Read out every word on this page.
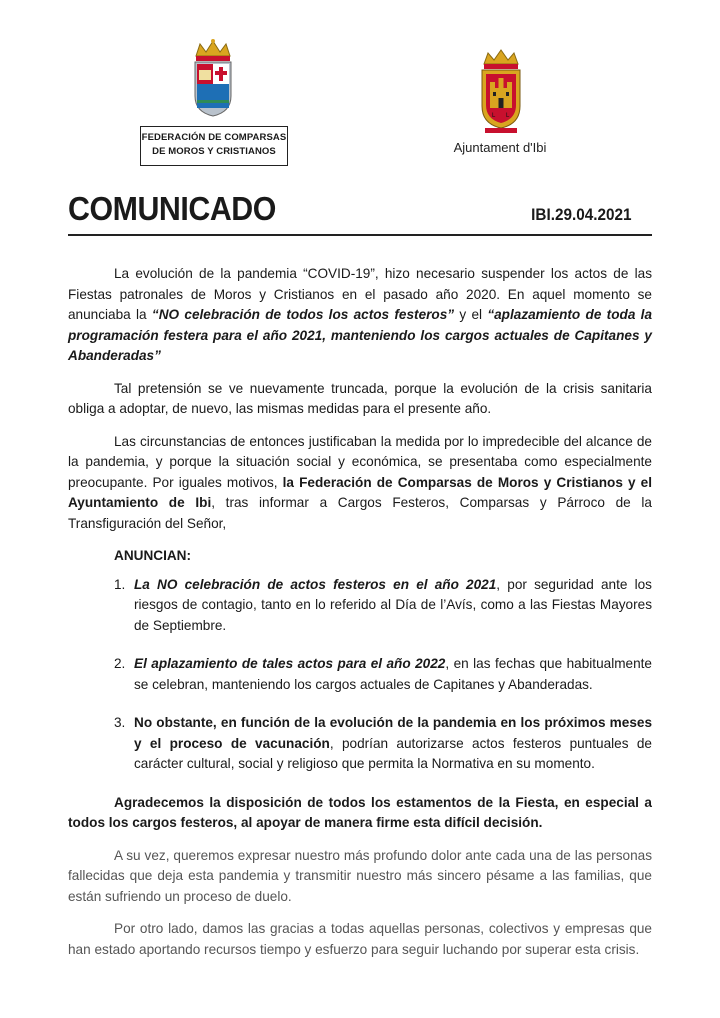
FEDERACIÓN DE COMPARSAS
DE MOROS Y CRISTIANOS
L L
Ajuntament d'Ibi
COMUNICADO	IBI.29.04.2021

La evolución de la pandemia “COVID-19”, hizo necesario suspender los actos de las Fiestas patronales de Moros y Cristianos en el pasado año 2020. En aquel momento se anunciaba la “NO celebración de todos los actos festeros” y el “aplazamiento de toda la programación festera para el año 2021, manteniendo los cargos actuales de Capitanes y Abanderadas”

Tal pretensión se ve nuevamente truncada, porque la evolución de la crisis sanitaria obliga a adoptar, de nuevo, las mismas medidas para el presente año.

Las circunstancias de entonces justificaban la medida por lo impredecible del alcance de la pandemia, y porque la situación social y económica, se presentaba como especialmente preocupante. Por iguales motivos, la Federación de Comparsas de Moros y Cristianos y el Ayuntamiento de Ibi, tras informar a Cargos Festeros, Comparsas y Párroco de la Transfiguración del Señor,

ANUNCIAN:
1. La NO celebración de actos festeros en el año 2021, por seguridad ante los riesgos de contagio, tanto en lo referido al Día de l’Avís, como a las Fiestas Mayores de Septiembre.
2. El aplazamiento de tales actos para el año 2022, en las fechas que habitualmente se celebran, manteniendo los cargos actuales de Capitanes y Abanderadas.
3. No obstante, en función de la evolución de la pandemia en los próximos meses y el proceso de vacunación, podrían autorizarse actos festeros puntuales de carácter cultural, social y religioso que permita la Normativa en su momento.

Agradecemos la disposición de todos los estamentos de la Fiesta, en especial a todos los cargos festeros, al apoyar de manera firme esta difícil decisión.

A su vez, queremos expresar nuestro más profundo dolor ante cada una de las personas fallecidas que deja esta pandemia y transmitir nuestro más sincero pésame a las familias, que están sufriendo un proceso de duelo.

Por otro lado, damos las gracias a todas aquellas personas, colectivos y empresas que han estado aportando recursos tiempo y esfuerzo para seguir luchando por superar esta crisis.
